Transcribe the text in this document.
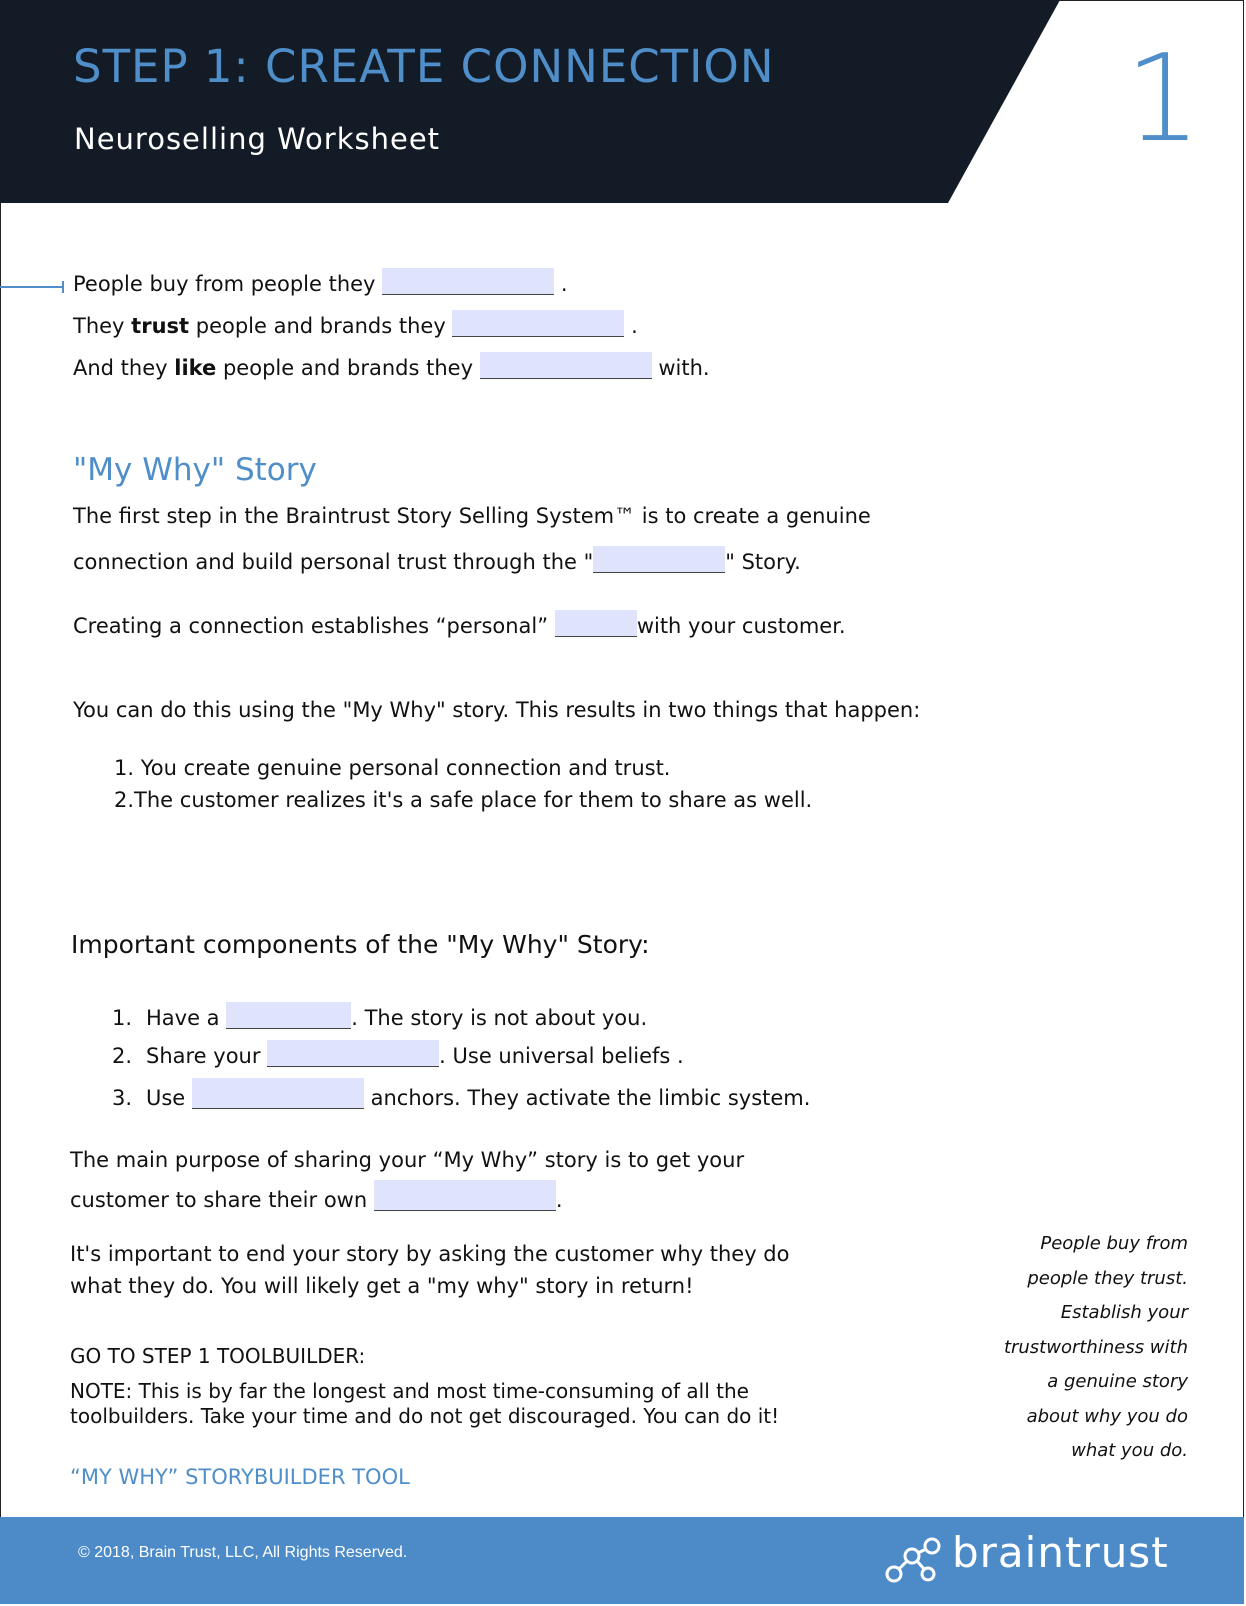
STEP 1: CREATE CONNECTION
Neuroselling Worksheet	1
People buy from people they	.
They trust people and brands they	.
And they like people and brands they	with.
"My Why" Story
The first step in the Braintrust Story Selling System™ is to create a genuine
connection and build personal trust through the "	" Story.
Creating a connection establishes “personal”	with your customer.
You can do this using the "My Why" story. This results in two things that happen:
1. You create genuine personal connection and trust.
2.The customer realizes it's a safe place for them to share as well.
Important components of the "My Why" Story:
1. Have a	. The story is not about you.
2. Share your	. Use universal beliefs .
3. Use	anchors. They activate the limbic system.
The main purpose of sharing your “My Why” story is to get your
customer to share their own	.
It's important to end your story by asking the customer why they do
what they do. You will likely get a "my why" story in return!
GO TO STEP 1 TOOLBUILDER:
NOTE: This is by far the longest and most time-consuming of all the
toolbuilders. Take your time and do not get discouraged. You can do it!
“MY WHY” STORYBUILDER TOOL
People buy from
people they trust.
Establish your
trustworthiness with
a genuine story
about why you do
what you do.
© 2018, Brain Trust, LLC, All Rights Reserved.	braintrust
